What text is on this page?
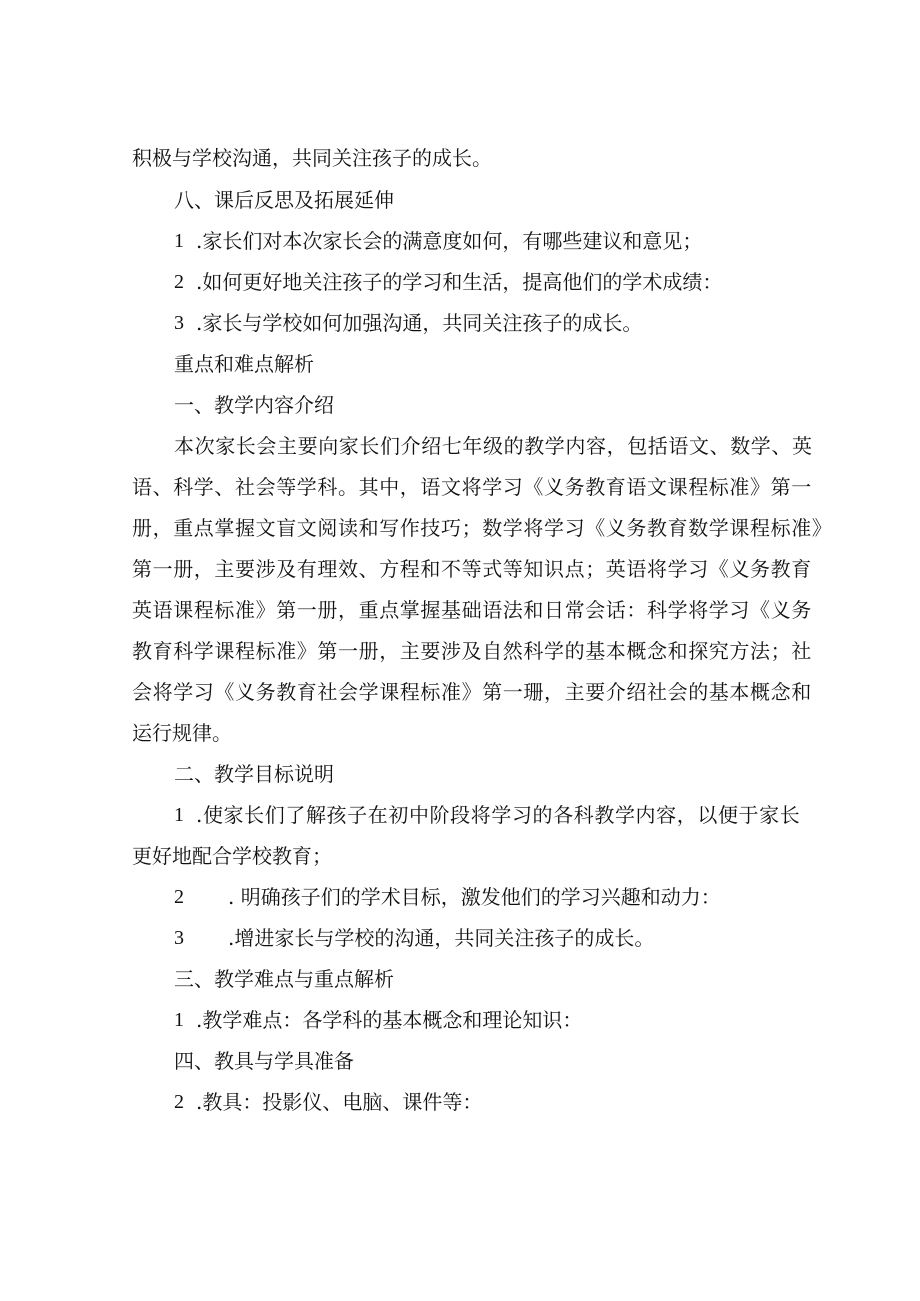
积极与学校沟通，共同关注孩子的成长。

八、课后反思及拓展延伸

1 .家长们对本次家长会的满意度如何，有哪些建议和意见；

2 .如何更好地关注孩子的学习和生活，提高他们的学术成绩：

3 .家长与学校如何加强沟通，共同关注孩子的成长。

重点和难点解析

一、教学内容介绍

本次家长会主要向家长们介绍七年级的教学内容，包括语文、数学、英

语、科学、社会等学科。其中，语文将学习《义务教育语文课程标准》第一

册，重点掌握文盲文阅读和写作技巧；数学将学习《义务教育数学课程标准》

第一册，主要涉及有理效、方程和不等式等知识点；英语将学习《义务教育

英语课程标准》第一册，重点掌握基础语法和日常会话：科学将学习《义务

教育科学课程标准》第一册，主要涉及自然科学的基本概念和探究方法；社

会将学习《义务教育社会学课程标准》第一珊，主要介绍社会的基本概念和

运行规律。

二、教学目标说明

1 .使家长们了解孩子在初中阶段将学习的各科教学内容，以便于家长

更好地配合学校教育；

2 . 明确孩子们的学术目标，激发他们的学习兴趣和动力：

3 .增进家长与学校的沟通，共同关注孩子的成长。

三、教学难点与重点解析

1 .教学难点：各学科的基本概念和理论知识：

四、教具与学具准备

2 .教具：投影仪、电脑、课件等：
